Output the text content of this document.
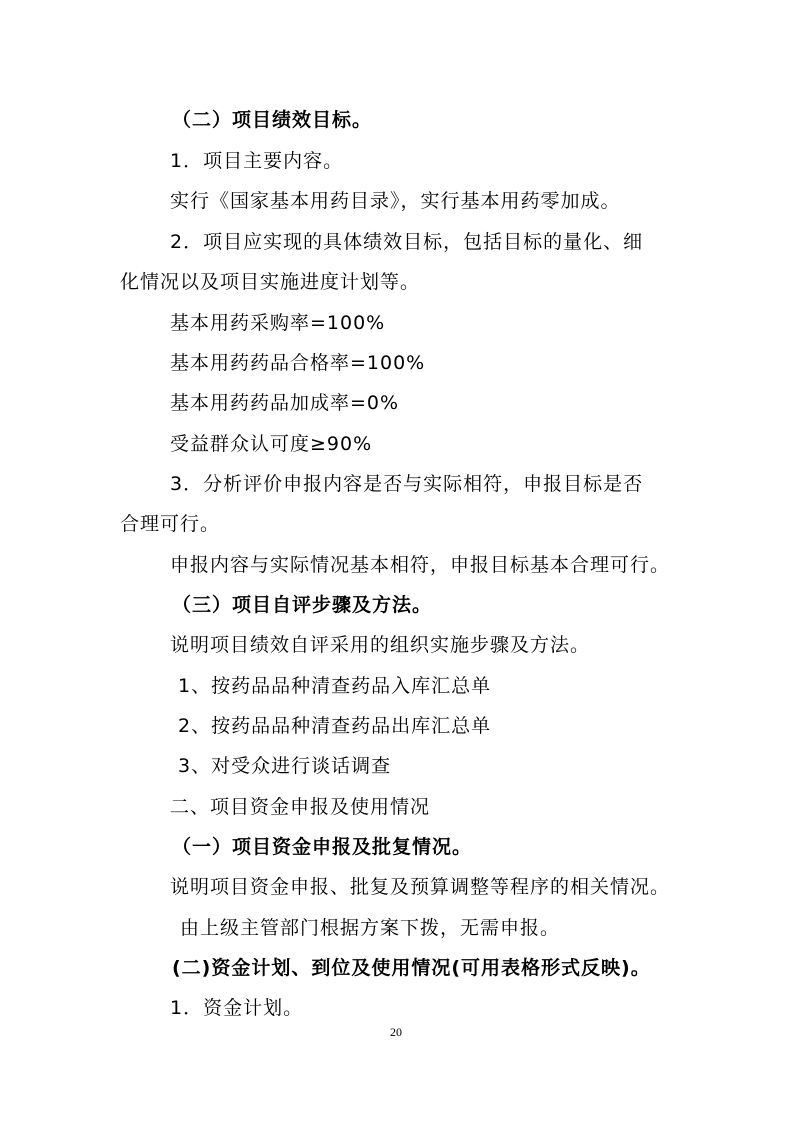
（二）项目绩效目标。
1．项目主要内容。
实行《国家基本用药目录》，实行基本用药零加成。
2．项目应实现的具体绩效目标，包括目标的量化、细
化情况以及项目实施进度计划等。
基本用药采购率=100%
基本用药药品合格率=100%
基本用药药品加成率=0%
受益群众认可度≥90%
3．分析评价申报内容是否与实际相符，申报目标是否
合理可行。
申报内容与实际情况基本相符，申报目标基本合理可行。
（三）项目自评步骤及方法。
说明项目绩效自评采用的组织实施步骤及方法。
1、按药品品种清查药品入库汇总单
2、按药品品种清查药品出库汇总单
3、对受众进行谈话调查
二、项目资金申报及使用情况
（一）项目资金申报及批复情况。
说明项目资金申报、批复及预算调整等程序的相关情况。
由上级主管部门根据方案下拨，无需申报。
(二)资金计划、到位及使用情况(可用表格形式反映)。
1．资金计划。
20
